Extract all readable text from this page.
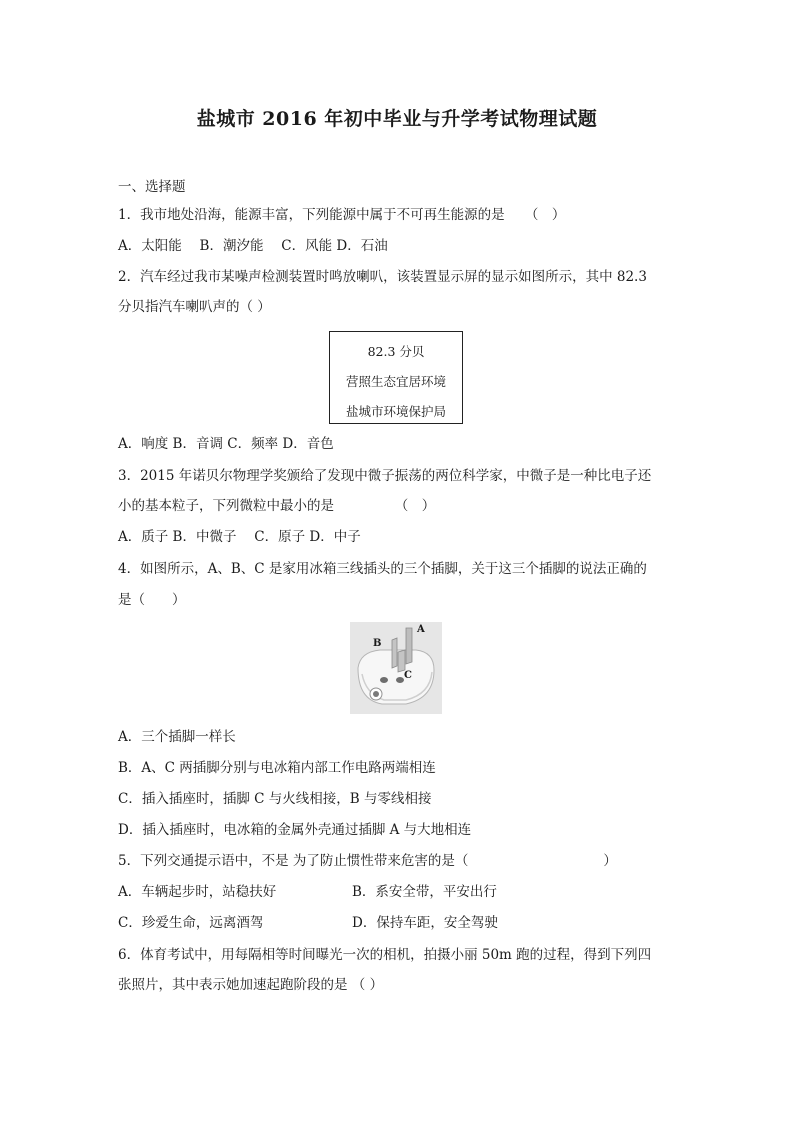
盐城市 2016 年初中毕业与升学考试物理试题
一、选择题
1．我市地处沿海，能源丰富，下列能源中属于不可再生能源的是　　（　）
A．太阳能　 B．潮汐能　 C．风能 D．石油
2．汽车经过我市某噪声检测装置时鸣放喇叭，该装置显示屏的显示如图所示，其中 82.3
分贝指汽车喇叭声的（ ）
82.3 分贝
营照生态宜居环境
盐城市环境保护局
A．响度 B．音调 C．频率 D．音色
3．2015 年诺贝尔物理学奖颁给了发现中微子振荡的两位科学家，中微子是一种比电子还
小的基本粒子，下列微粒中最小的是　　　　　（　）
A．质子 B．中微子　 C．原子 D．中子
4．如图所示，A、B、C 是家用冰箱三线插头的三个插脚，关于这三个插脚的说法正确的
是（　　）
A
B
C
A．三个插脚一样长
B．A、C 两插脚分别与电冰箱内部工作电路两端相连
C．插入插座时，插脚 C 与火线相接，B 与零线相接
D．插入插座时，电冰箱的金属外壳通过插脚 A 与大地相连
5．下列交通提示语中，不是 为了防止惯性带来危害的是（　　　　　　　　　　）
A．车辆起步时，站稳扶好	B．系安全带，平安出行
C．珍爱生命，远离酒驾	D．保持车距，安全驾驶
6．体育考试中，用每隔相等时间曝光一次的相机，拍摄小丽 50m 跑的过程，得到下列四
张照片，其中表示她加速起跑阶段的是 （ ）
